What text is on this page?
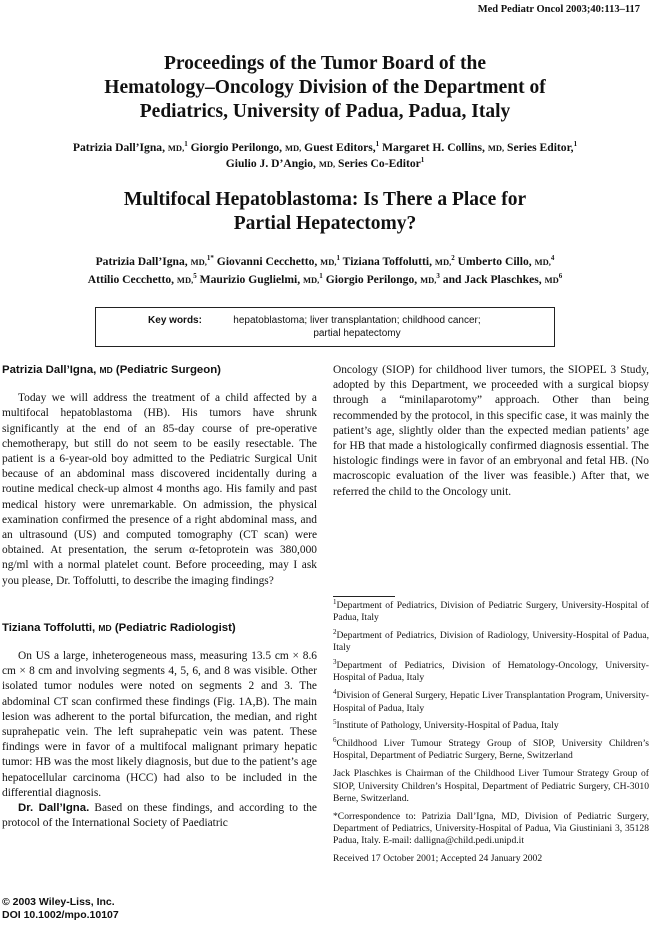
Med Pediatr Oncol 2003;40:113–117
Proceedings of the Tumor Board of the
Hematology–Oncology Division of the Department of
Pediatrics, University of Padua, Padua, Italy
Patrizia Dall’Igna, MD,$^1$ Giorgio Perilongo, MD, Guest Editors,$^1$ Margaret H. Collins, MD, Series Editor,$^1$
Giulio J. D’Angio, MD, Series Co-Editor$^1$
Multifocal Hepatoblastoma: Is There a Place for
Partial Hepatectomy?
Patrizia Dall’Igna, MD,$^{1*}$ Giovanni Cecchetto, MD,$^1$ Tiziana Toffolutti, MD,$^2$ Umberto Cillo, MD,$^4$
Attilio Cecchetto, MD,$^5$ Maurizio Guglielmi, MD,$^1$ Giorgio Perilongo, MD,$^3$ and Jack Plaschkes, $MD^6$
Key words:	hepatoblastoma; liver transplantation; childhood cancer;
partial hepatectomy

Patrizia Dall’Igna, MD (Pediatric Surgeon)

Today we will address the treatment of a child affected by a multifocal hepatoblastoma (HB). His tumors have shrunk significantly at the end of an 85-day course of pre-operative chemotherapy, but still do not seem to be easily resectable. The patient is a 6-year-old boy admitted to the Pediatric Surgical Unit because of an abdominal mass discovered incidentally during a routine medical check-up almost 4 months ago. His family and past medical history were unremarkable. On admission, the physical examination confirmed the presence of a right abdominal mass, and an ultrasound (US) and computed tomography (CT scan) were obtained. At presentation, the serum α-fetoprotein was 380,000 ng/ml with a normal platelet count. Before proceeding, may I ask you please, Dr. Toffolutti, to describe the imaging findings?

Tiziana Toffolutti, MD (Pediatric Radiologist)

On US a large, inheterogeneous mass, measuring 13.5 cm × 8.6 cm × 8 cm and involving segments 4, 5, 6, and 8 was visible. Other isolated tumor nodules were noted on segments 2 and 3. The abdominal CT scan confirmed these findings (Fig. 1A,B). The main lesion was adherent to the portal bifurcation, the median, and right suprahepatic vein. The left suprahepatic vein was patent. These findings were in favor of a multifocal malignant primary hepatic tumor: HB was the most likely diagnosis, but due to the patient’s age hepatocellular carcinoma (HCC) had also to be included in the differential diagnosis.

Dr. Dall’Igna. Based on these findings, and according to the protocol of the International Society of Paediatric

Oncology (SIOP) for childhood liver tumors, the SIOPEL 3 Study, adopted by this Department, we proceeded with a surgical biopsy through a “minilaparotomy” approach. Other than being recommended by the protocol, in this specific case, it was mainly the patient’s age, slightly older than the expected median patients’ age for HB that made a histologically confirmed diagnosis essential. The histologic findings were in favor of an embryonal and fetal HB. (No macroscopic evaluation of the liver was feasible.) After that, we referred the child to the Oncology unit.

$^1$Department of Pediatrics, Division of Pediatric Surgery, University-Hospital of Padua, Italy

$^2$Department of Pediatrics, Division of Radiology, University-Hospital of Padua, Italy

$^3$Department of Pediatrics, Division of Hematology-Oncology, University-Hospital of Padua, Italy

$^4$Division of General Surgery, Hepatic Liver Transplantation Program, University-Hospital of Padua, Italy

$^5$Institute of Pathology, University-Hospital of Padua, Italy

$^6$Childhood Liver Tumour Strategy Group of SIOP, University Children’s Hospital, Department of Pediatric Surgery, Berne, Switzerland

Jack Plaschkes is Chairman of the Childhood Liver Tumour Strategy Group of SIOP, University Children’s Hospital, Department of Pediatric Surgery, CH-3010 Berne, Switzerland.

*Correspondence to: Patrizia Dall’Igna, MD, Division of Pediatric Surgery, Department of Pediatrics, University-Hospital of Padua, Via Giustiniani 3, 35128 Padua, Italy. E-mail: dalligna@child.pedi.unipd.it

Received 17 October 2001; Accepted 24 January 2002

© 2003 Wiley-Liss, Inc.
DOI 10.1002/mpo.10107
